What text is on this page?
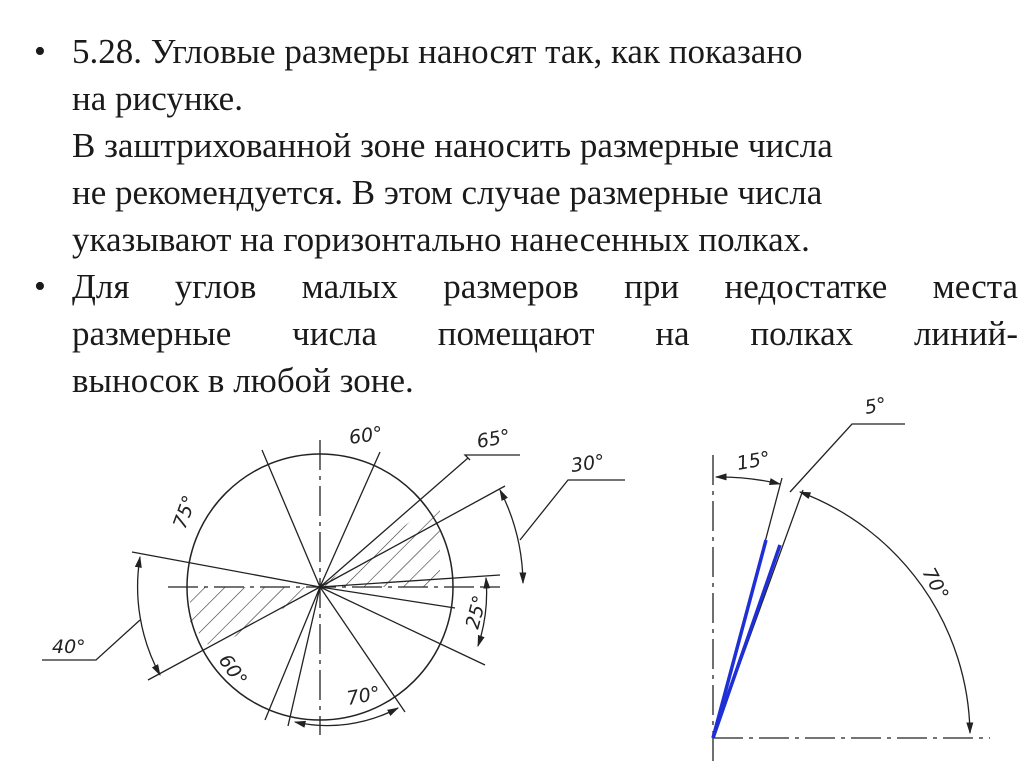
• 5.28. Угловые размеры наносят так, как показано
на рисунке.
В заштрихованной зоне наносить размерные числа
не рекомендуется. В этом случае размерные числа
указывают на горизонтально нанесенных полках.
• Для углов малых размеров при недостатке места
размерные числа помещают на полках линий-
выносок в любой зоне.
60°	65°
30°
75°
40°
60°
70°
25°
5°
15°
70°
